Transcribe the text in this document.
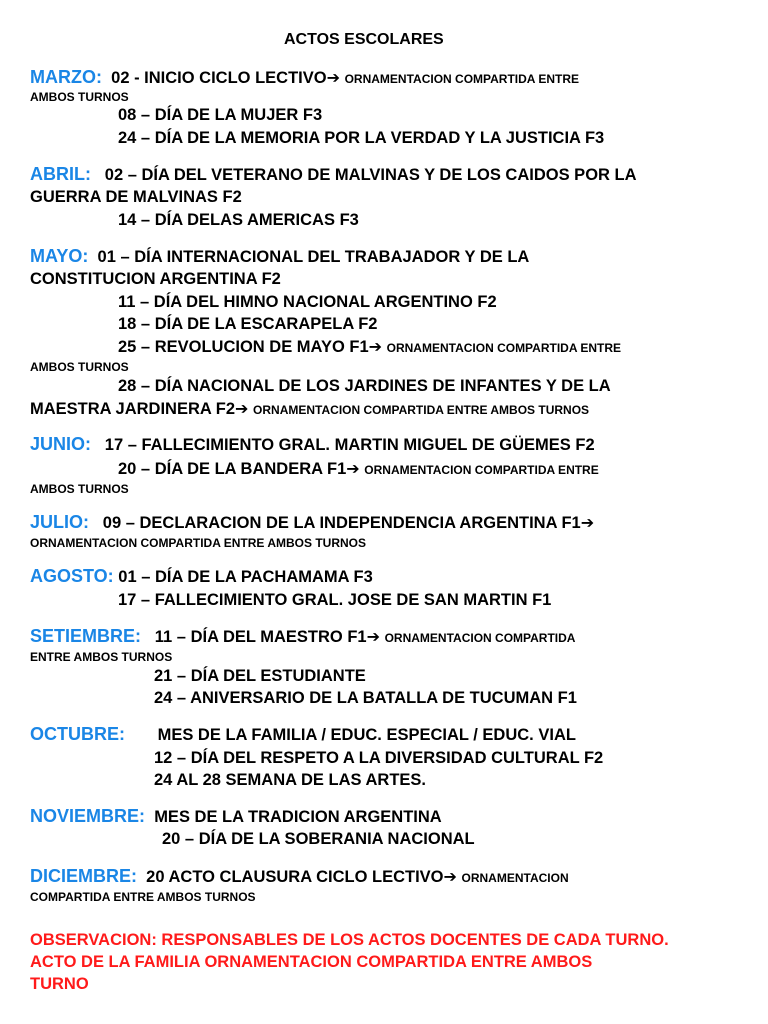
ACTOS ESCOLARES
MARZO: 02 - INICIO CICLO LECTIVO➔ ORNAMENTACION COMPARTIDA ENTRE
AMBOS TURNOS
08 – DÍA DE LA MUJER F3
24 – DÍA DE LA MEMORIA POR LA VERDAD Y LA JUSTICIA F3
ABRIL: 02 – DÍA DEL VETERANO DE MALVINAS Y DE LOS CAIDOS POR LA
GUERRA DE MALVINAS F2
14 – DÍA DELAS AMERICAS F3
MAYO: 01 – DÍA INTERNACIONAL DEL TRABAJADOR Y DE LA
CONSTITUCION ARGENTINA F2
11 – DÍA DEL HIMNO NACIONAL ARGENTINO F2
18 – DÍA DE LA ESCARAPELA F2
25 – REVOLUCION DE MAYO F1➔ ORNAMENTACION COMPARTIDA ENTRE
AMBOS TURNOS
28 – DÍA NACIONAL DE LOS JARDINES DE INFANTES Y DE LA
MAESTRA JARDINERA F2➔ ORNAMENTACION COMPARTIDA ENTRE AMBOS TURNOS
JUNIO: 17 – FALLECIMIENTO GRAL. MARTIN MIGUEL DE GÜEMES F2
20 – DÍA DE LA BANDERA F1➔ ORNAMENTACION COMPARTIDA ENTRE
AMBOS TURNOS
JULIO: 09 – DECLARACION DE LA INDEPENDENCIA ARGENTINA F1➔
ORNAMENTACION COMPARTIDA ENTRE AMBOS TURNOS
AGOSTO: 01 – DÍA DE LA PACHAMAMA F3
17 – FALLECIMIENTO GRAL. JOSE DE SAN MARTIN F1
SETIEMBRE: 11 – DÍA DEL MAESTRO F1➔ ORNAMENTACION COMPARTIDA
ENTRE AMBOS TURNOS
21 – DÍA DEL ESTUDIANTE
24 – ANIVERSARIO DE LA BATALLA DE TUCUMAN F1
OCTUBRE: MES DE LA FAMILIA / EDUC. ESPECIAL / EDUC. VIAL
12 – DÍA DEL RESPETO A LA DIVERSIDAD CULTURAL F2
24 AL 28 SEMANA DE LAS ARTES.
NOVIEMBRE: MES DE LA TRADICION ARGENTINA
20 – DÍA DE LA SOBERANIA NACIONAL
DICIEMBRE: 20 ACTO CLAUSURA CICLO LECTIVO➔ ORNAMENTACION
COMPARTIDA ENTRE AMBOS TURNOS
OBSERVACION: RESPONSABLES DE LOS ACTOS DOCENTES DE CADA TURNO.
ACTO DE LA FAMILIA ORNAMENTACION COMPARTIDA ENTRE AMBOS
TURNO
